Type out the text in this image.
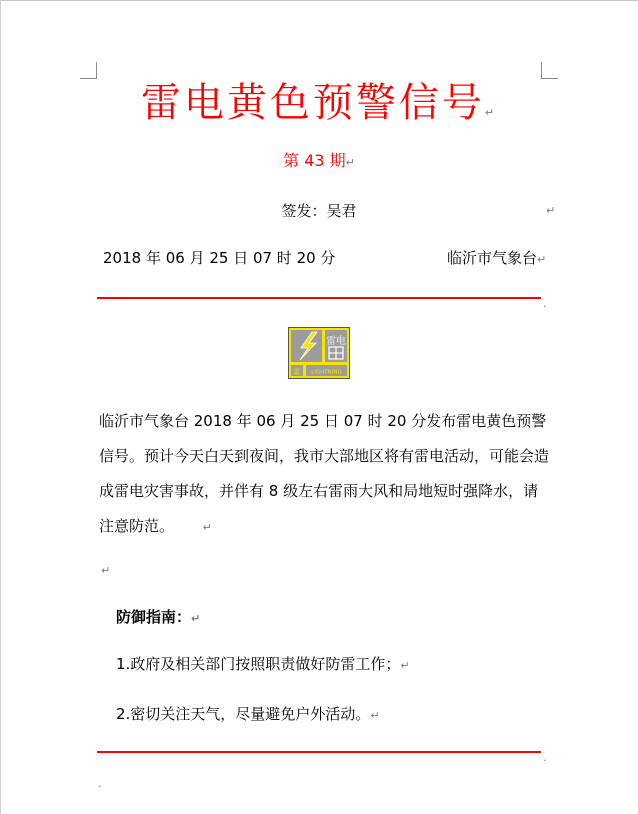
雷电黄色预警信号↵
第 43 期↵
签发：吴君	↵
2018 年 06 月 25 日 07 时 20 分	临沂市气象台↵
·
雷电
雷 LIGHTNING
临沂市气象台 2018 年 06 月 25 日 07 时 20 分发布雷电黄色预警信号。预计今天白天到夜间，我市大部地区将有雷电活动，可能会造成雷电灾害事故，并伴有 8 级左右雷雨大风和局地短时强降水，请注意防范。	↵
↵
防御指南：↵
1.政府及相关部门按照职责做好防雷工作；↵
2.密切关注天气，尽量避免户外活动。↵
·
·
